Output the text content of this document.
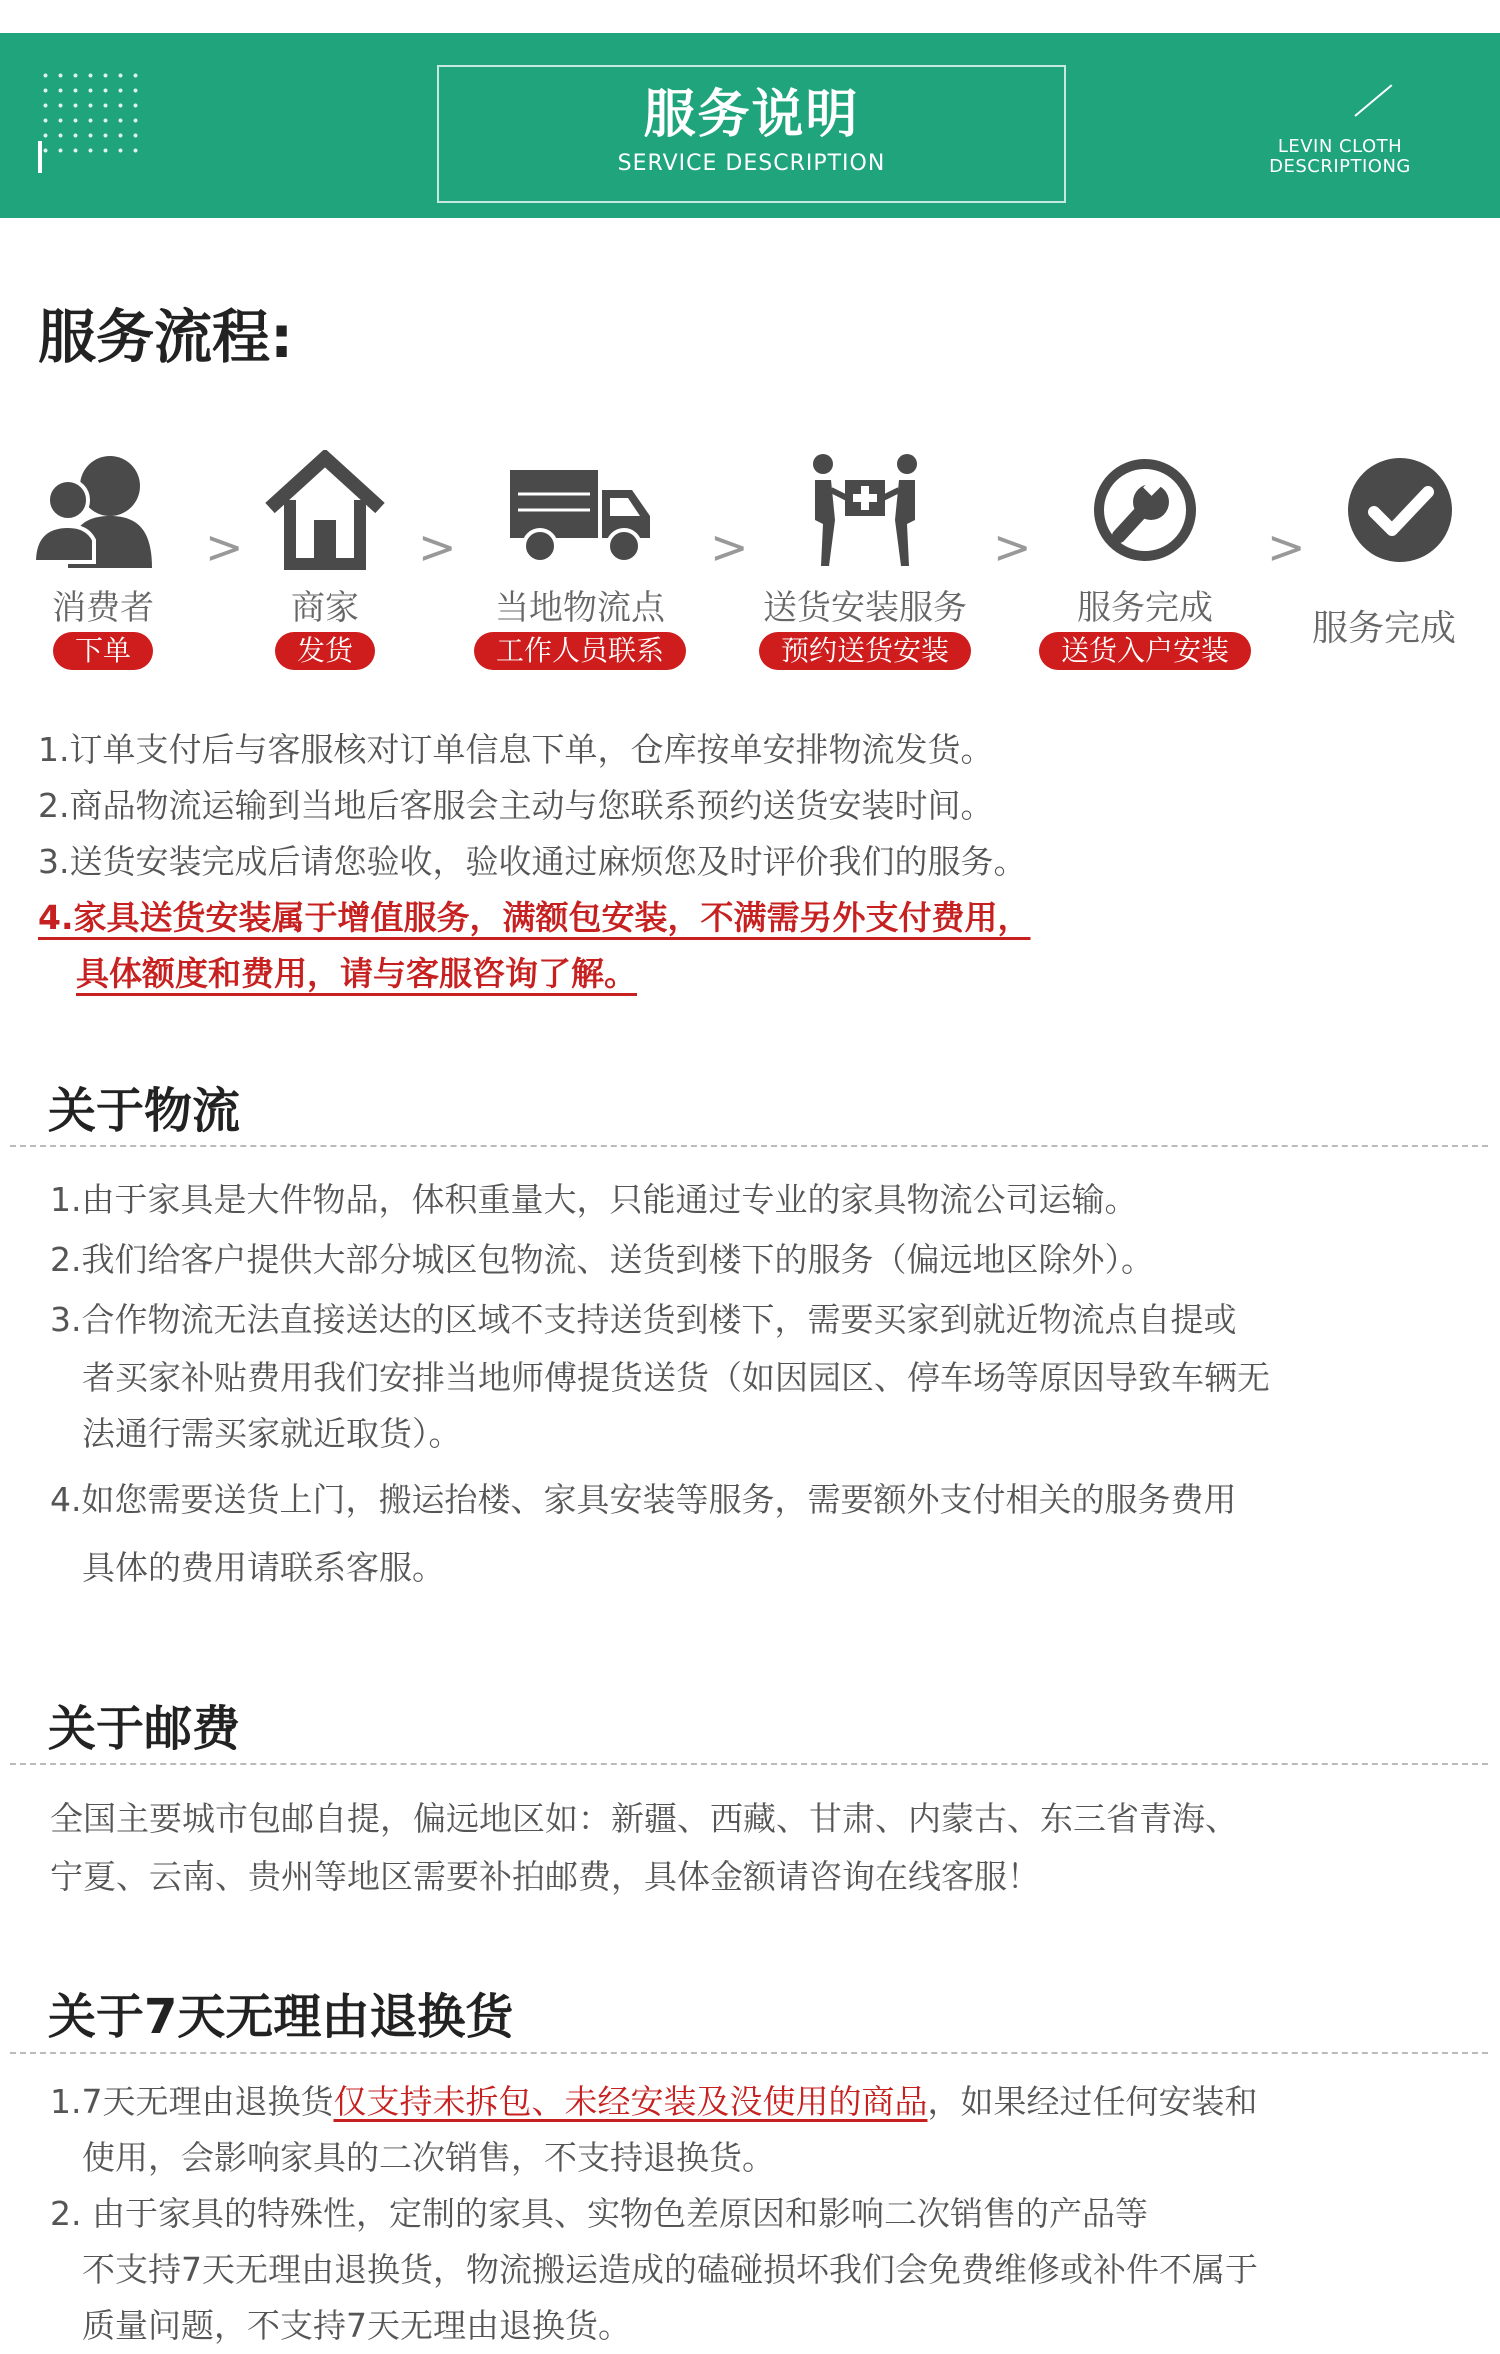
服务说明
SERVICE DESCRIPTION
LEVIN CLOTH
DESCRIPTIONG
服务流程:
消费者
下单
>
商家
发货
>
当地物流点
工作人员联系
>
送货安装服务
预约送货安装
>
服务完成
送货入户安装
>
服务完成
1.订单支付后与客服核对订单信息下单，仓库按单安排物流发货。
2.商品物流运输到当地后客服会主动与您联系预约送货安装时间。
3.送货安装完成后请您验收，验收通过麻烦您及时评价我们的服务。
4.家具送货安装属于增值服务，满额包安装，不满需另外支付费用，
具体额度和费用，请与客服咨询了解。
关于物流
1.由于家具是大件物品，体积重量大，只能通过专业的家具物流公司运输。
2.我们给客户提供大部分城区包物流、送货到楼下的服务（偏远地区除外）。
3.合作物流无法直接送达的区域不支持送货到楼下，需要买家到就近物流点自提或
者买家补贴费用我们安排当地师傅提货送货（如因园区、停车场等原因导致车辆无
法通行需买家就近取货）。
4.如您需要送货上门，搬运抬楼、家具安装等服务，需要额外支付相关的服务费用
具体的费用请联系客服。
关于邮费
全国主要城市包邮自提，偏远地区如：新疆、西藏、甘肃、内蒙古、东三省青海、
宁夏、云南、贵州等地区需要补拍邮费，具体金额请咨询在线客服！
关于7天无理由退换货
1.7天无理由退换货仅支持未拆包、未经安装及没使用的商品，如果经过任何安装和
使用，会影响家具的二次销售，不支持退换货。
2. 由于家具的特殊性，定制的家具、实物色差原因和影响二次销售的产品等
不支持7天无理由退换货，物流搬运造成的磕碰损坏我们会免费维修或补件不属于
质量问题，不支持7天无理由退换货。
